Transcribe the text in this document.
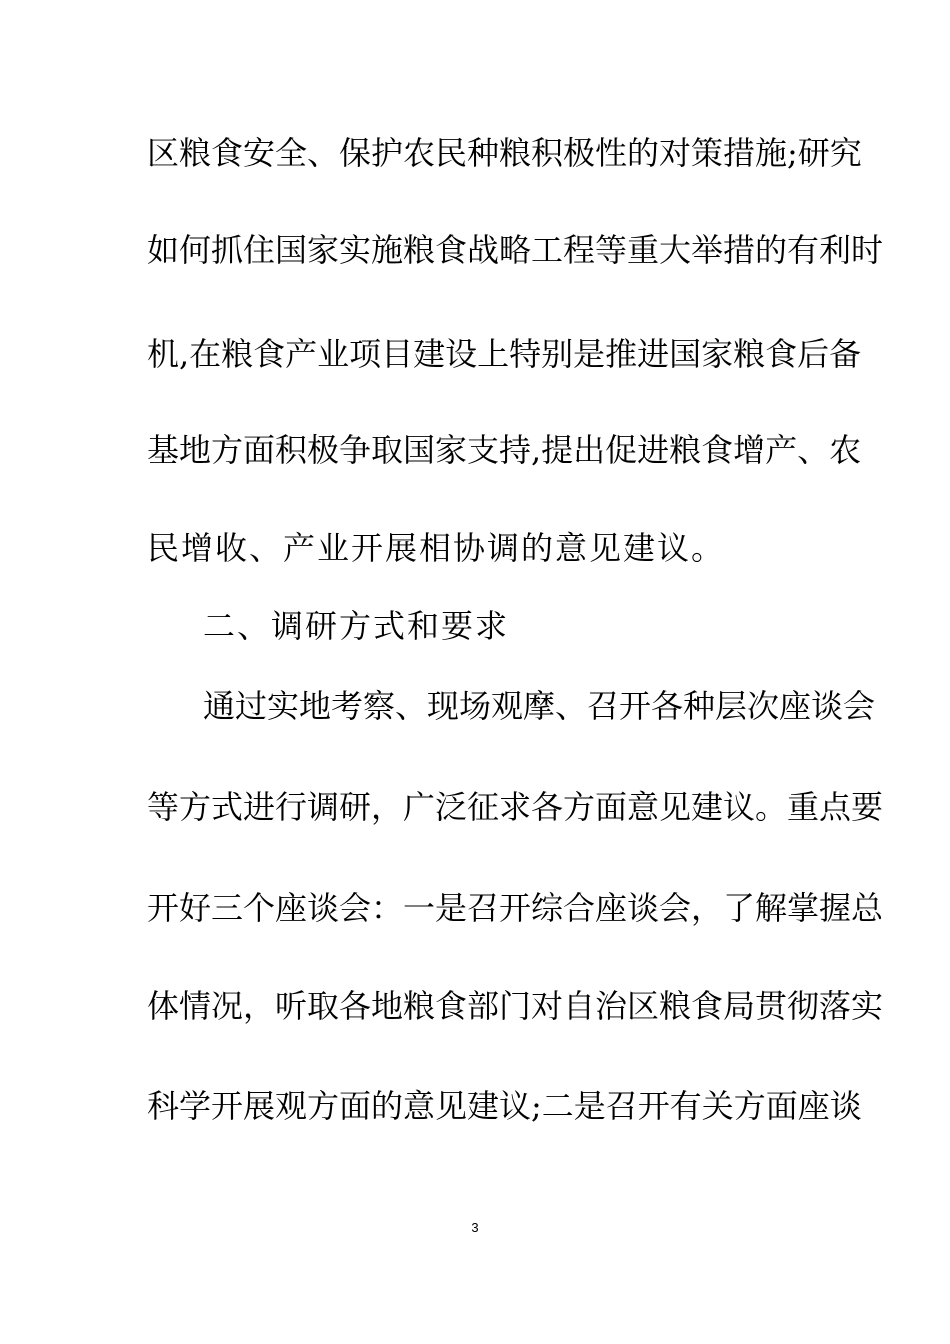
区粮食安全、保护农民种粮积极性的对策措施;研究
如何抓住国家实施粮食战略工程等重大举措的有利时
机,在粮食产业项目建设上特别是推进国家粮食后备
基地方面积极争取国家支持,提出促进粮食增产、农
民增收、产业开展相协调的意见建议。
二、调研方式和要求
通过实地考察、现场观摩、召开各种层次座谈会
等方式进行调研，广泛征求各方面意见建议。重点要
开好三个座谈会：一是召开综合座谈会，了解掌握总
体情况，听取各地粮食部门对自治区粮食局贯彻落实
科学开展观方面的意见建议;二是召开有关方面座谈
3
